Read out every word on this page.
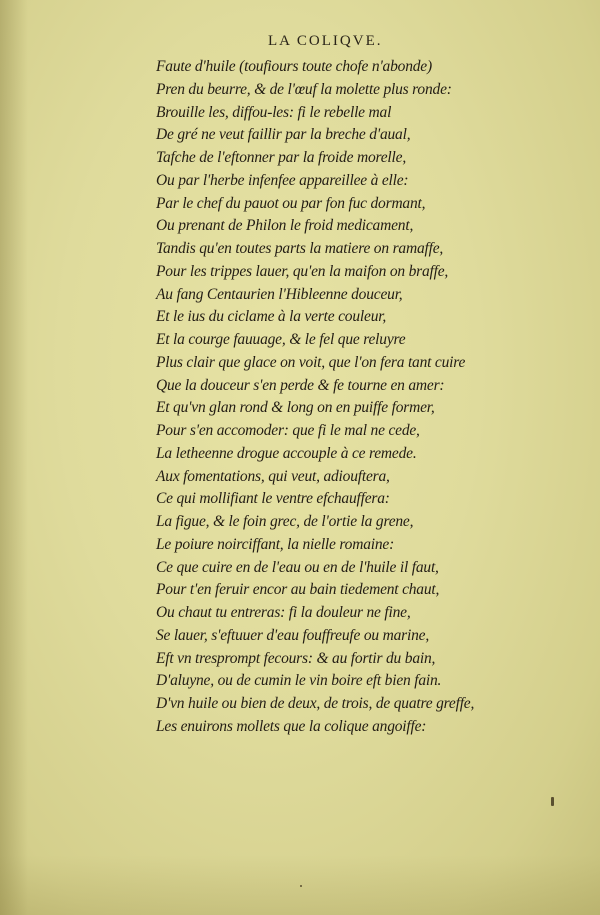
LA COLIQVE.
Faute d'huile (toufiours toute chofe n'abonde)
Pren du beurre, & de l'œuf la molette plus ronde:
Brouille les, diffou-les: fi le rebelle mal
De gré ne veut faillir par la breche d'aual,
Tafche de l'eftonner par la froide morelle,
Ou par l'herbe infenfee appareillee à elle:
Par le chef du pauot ou par fon fuc dormant,
Ou prenant de Philon le froid medicament,
Tandis qu'en toutes parts la matiere on ramaffe,
Pour les trippes lauer, qu'en la maifon on braffe,
Au fang Centaurien l'Hibleenne douceur,
Et le ius du ciclame à la verte couleur,
Et la courge fauuage, & le fel que reluyre
Plus clair que glace on voit, que l'on fera tant cuire
Que la douceur s'en perde & fe tourne en amer:
Et qu'vn glan rond & long on en puiffe former,
Pour s'en accomoder: que fi le mal ne cede,
La letheenne drogue accouple à ce remede.
Aux fomentations, qui veut, adiouftera,
Ce qui mollifiant le ventre efchauffera:
La figue, & le foin grec, de l'ortie la grene,
Le poiure noirciffant, la nielle romaine:
Ce que cuire en de l'eau ou en de l'huile il faut,
Pour t'en feruir encor au bain tiedement chaut,
Ou chaut tu entreras: fi la douleur ne fine,
Se lauer, s'eftuuer d'eau fouffreufe ou marine,
Eft vn tresprompt fecours: & au fortir du bain,
D'aluyne, ou de cumin le vin boire eft bien fain.
D'vn huile ou bien de deux, de trois, de quatre greffe,
Les enuirons mollets que la colique angoiffe:
